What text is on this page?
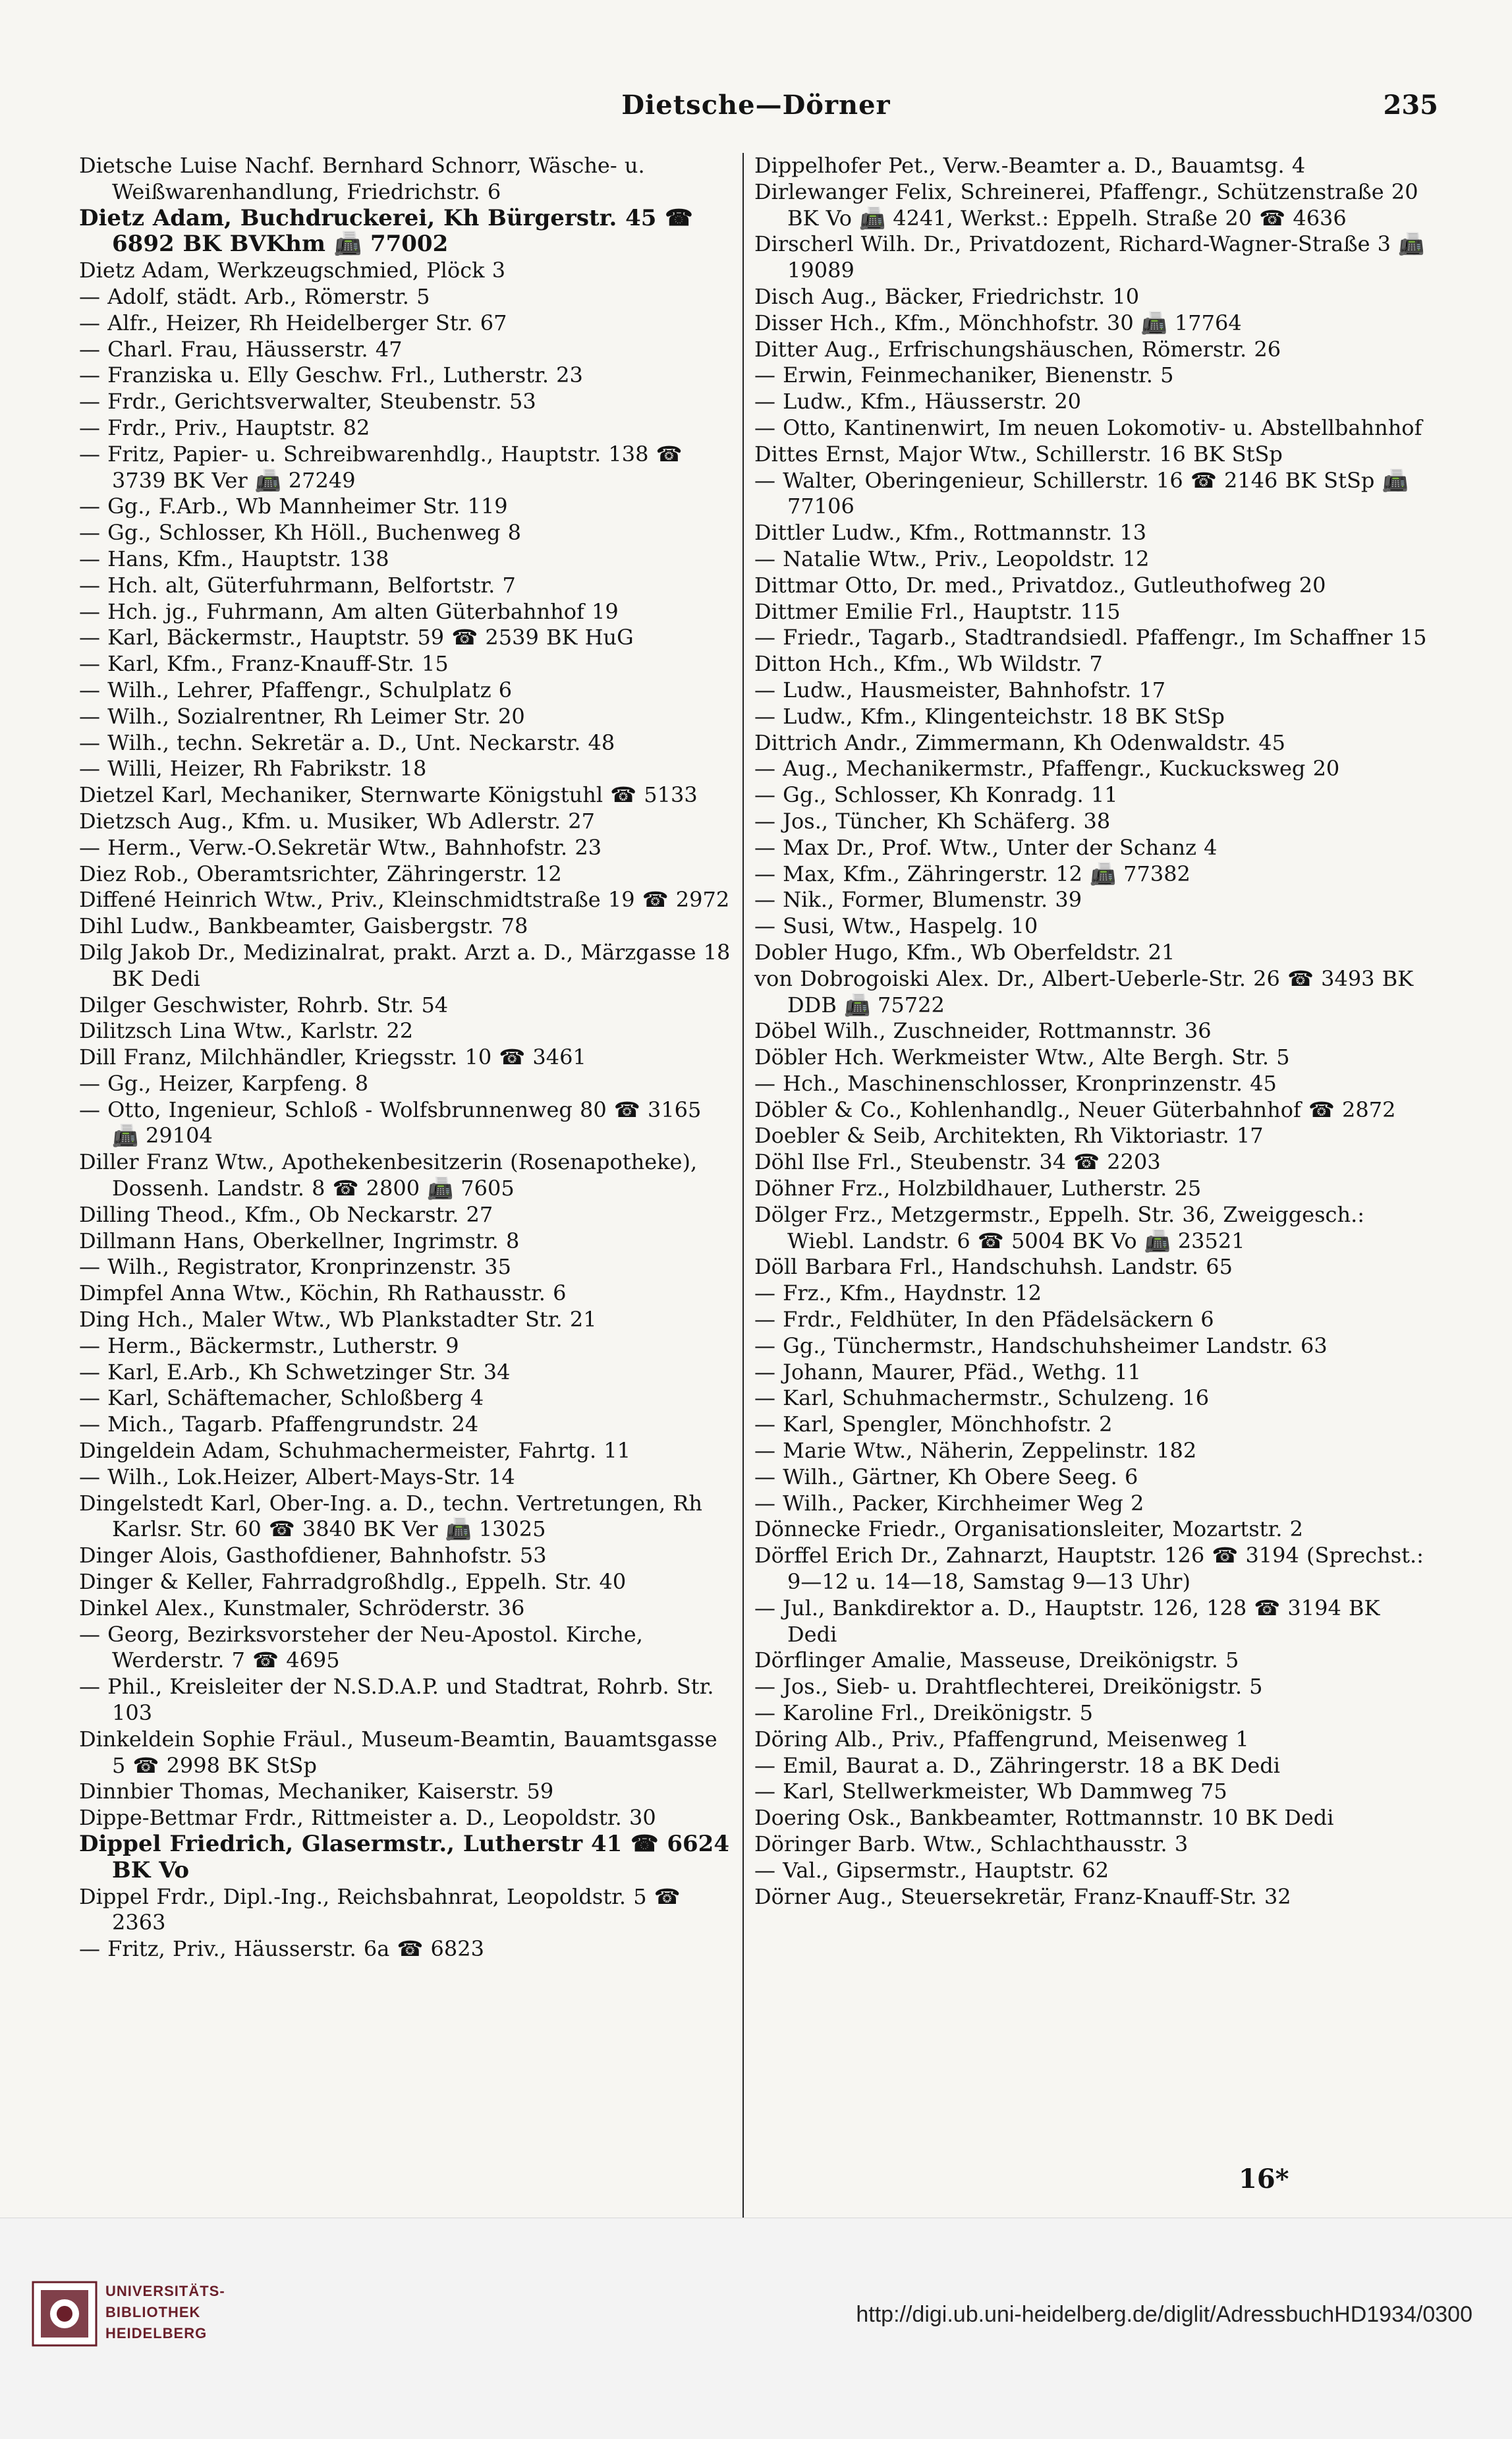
Dietsche—Dörner	235
Dietsche Luise Nachf. Bernhard Schnorr, Wäsche- u. Weißwarenhandlung, Friedrichstr. 6
Dietz Adam, Buchdruckerei, Kh Bürgerstr. 45 ☎ 6892 BK BVKhm 📠 77002
Dietz Adam, Werkzeugschmied, Plöck 3
— Adolf, städt. Arb., Römerstr. 5
— Alfr., Heizer, Rh Heidelberger Str. 67
— Charl. Frau, Häusserstr. 47
— Franziska u. Elly Geschw. Frl., Lutherstr. 23
— Frdr., Gerichtsverwalter, Steubenstr. 53
— Frdr., Priv., Hauptstr. 82
— Fritz, Papier- u. Schreibwarenhdlg., Hauptstr. 138 ☎ 3739 BK Ver 📠 27249
— Gg., F.Arb., Wb Mannheimer Str. 119
— Gg., Schlosser, Kh Höll., Buchenweg 8
— Hans, Kfm., Hauptstr. 138
— Hch. alt, Güterfuhrmann, Belfortstr. 7
— Hch. jg., Fuhrmann, Am alten Güterbahnhof 19
— Karl, Bäckermstr., Hauptstr. 59 ☎ 2539 BK HuG
— Karl, Kfm., Franz-Knauff-Str. 15
— Wilh., Lehrer, Pfaffengr., Schulplatz 6
— Wilh., Sozialrentner, Rh Leimer Str. 20
— Wilh., techn. Sekretär a. D., Unt. Neckarstr. 48
— Willi, Heizer, Rh Fabrikstr. 18
Dietzel Karl, Mechaniker, Sternwarte Königstuhl ☎ 5133
Dietzsch Aug., Kfm. u. Musiker, Wb Adlerstr. 27
— Herm., Verw.-O.Sekretär Wtw., Bahnhofstr. 23
Diez Rob., Oberamtsrichter, Zähringerstr. 12
Diffené Heinrich Wtw., Priv., Kleinschmidtstraße 19 ☎ 2972
Dihl Ludw., Bankbeamter, Gaisbergstr. 78
Dilg Jakob Dr., Medizinalrat, prakt. Arzt a. D., Märzgasse 18 BK Dedi
Dilger Geschwister, Rohrb. Str. 54
Dilitzsch Lina Wtw., Karlstr. 22
Dill Franz, Milchhändler, Kriegsstr. 10 ☎ 3461
— Gg., Heizer, Karpfeng. 8
— Otto, Ingenieur, Schloß - Wolfsbrunnenweg 80 ☎ 3165 📠 29104
Diller Franz Wtw., Apothekenbesitzerin (Rosenapotheke), Dossenh. Landstr. 8 ☎ 2800 📠 7605
Dilling Theod., Kfm., Ob Neckarstr. 27
Dillmann Hans, Oberkellner, Ingrimstr. 8
— Wilh., Registrator, Kronprinzenstr. 35
Dimpfel Anna Wtw., Köchin, Rh Rathausstr. 6
Ding Hch., Maler Wtw., Wb Plankstadter Str. 21
— Herm., Bäckermstr., Lutherstr. 9
— Karl, E.Arb., Kh Schwetzinger Str. 34
— Karl, Schäftemacher, Schloßberg 4
— Mich., Tagarb. Pfaffengrundstr. 24
Dingeldein Adam, Schuhmachermeister, Fahrtg. 11
— Wilh., Lok.Heizer, Albert-Mays-Str. 14
Dingelstedt Karl, Ober-Ing. a. D., techn. Vertretungen, Rh Karlsr. Str. 60 ☎ 3840 BK Ver 📠 13025
Dinger Alois, Gasthofdiener, Bahnhofstr. 53
Dinger & Keller, Fahrradgroßhdlg., Eppelh. Str. 40
Dinkel Alex., Kunstmaler, Schröderstr. 36
— Georg, Bezirksvorsteher der Neu-Apostol. Kirche, Werderstr. 7 ☎ 4695
— Phil., Kreisleiter der N.S.D.A.P. und Stadtrat, Rohrb. Str. 103
Dinkeldein Sophie Fräul., Museum-Beamtin, Bauamtsgasse 5 ☎ 2998 BK StSp
Dinnbier Thomas, Mechaniker, Kaiserstr. 59
Dippe-Bettmar Frdr., Rittmeister a. D., Leopoldstr. 30
Dippel Friedrich, Glasermstr., Lutherstr 41 ☎ 6624 BK Vo
Dippel Frdr., Dipl.-Ing., Reichsbahnrat, Leopoldstr. 5 ☎ 2363
— Fritz, Priv., Häusserstr. 6a ☎ 6823
Dippelhofer Pet., Verw.-Beamter a. D., Bauamtsg. 4
Dirlewanger Felix, Schreinerei, Pfaffengr., Schützenstraße 20 BK Vo 📠 4241, Werkst.: Eppelh. Straße 20 ☎ 4636
Dirscherl Wilh. Dr., Privatdozent, Richard-Wagner-Straße 3 📠 19089
Disch Aug., Bäcker, Friedrichstr. 10
Disser Hch., Kfm., Mönchhofstr. 30 📠 17764
Ditter Aug., Erfrischungshäuschen, Römerstr. 26
— Erwin, Feinmechaniker, Bienenstr. 5
— Ludw., Kfm., Häusserstr. 20
— Otto, Kantinenwirt, Im neuen Lokomotiv- u. Abstellbahnhof
Dittes Ernst, Major Wtw., Schillerstr. 16 BK StSp
— Walter, Oberingenieur, Schillerstr. 16 ☎ 2146 BK StSp 📠 77106
Dittler Ludw., Kfm., Rottmannstr. 13
— Natalie Wtw., Priv., Leopoldstr. 12
Dittmar Otto, Dr. med., Privatdoz., Gutleuthofweg 20
Dittmer Emilie Frl., Hauptstr. 115
— Friedr., Tagarb., Stadtrandsiedl. Pfaffengr., Im Schaffner 15
Ditton Hch., Kfm., Wb Wildstr. 7
— Ludw., Hausmeister, Bahnhofstr. 17
— Ludw., Kfm., Klingenteichstr. 18 BK StSp
Dittrich Andr., Zimmermann, Kh Odenwaldstr. 45
— Aug., Mechanikermstr., Pfaffengr., Kuckucksweg 20
— Gg., Schlosser, Kh Konradg. 11
— Jos., Tüncher, Kh Schäferg. 38
— Max Dr., Prof. Wtw., Unter der Schanz 4
— Max, Kfm., Zähringerstr. 12 📠 77382
— Nik., Former, Blumenstr. 39
— Susi, Wtw., Haspelg. 10
Dobler Hugo, Kfm., Wb Oberfeldstr. 21
von Dobrogoiski Alex. Dr., Albert-Ueberle-Str. 26 ☎ 3493 BK DDB 📠 75722
Döbel Wilh., Zuschneider, Rottmannstr. 36
Döbler Hch. Werkmeister Wtw., Alte Bergh. Str. 5
— Hch., Maschinenschlosser, Kronprinzenstr. 45
Döbler & Co., Kohlenhandlg., Neuer Güterbahnhof ☎ 2872
Doebler & Seib, Architekten, Rh Viktoriastr. 17
Döhl Ilse Frl., Steubenstr. 34 ☎ 2203
Döhner Frz., Holzbildhauer, Lutherstr. 25
Dölger Frz., Metzgermstr., Eppelh. Str. 36, Zweiggesch.: Wiebl. Landstr. 6 ☎ 5004 BK Vo 📠 23521
Döll Barbara Frl., Handschuhsh. Landstr. 65
— Frz., Kfm., Haydnstr. 12
— Frdr., Feldhüter, In den Pfädelsäckern 6
— Gg., Tünchermstr., Handschuhsheimer Landstr. 63
— Johann, Maurer, Pfäd., Wethg. 11
— Karl, Schuhmachermstr., Schulzeng. 16
— Karl, Spengler, Mönchhofstr. 2
— Marie Wtw., Näherin, Zeppelinstr. 182
— Wilh., Gärtner, Kh Obere Seeg. 6
— Wilh., Packer, Kirchheimer Weg 2
Dönnecke Friedr., Organisationsleiter, Mozartstr. 2
Dörffel Erich Dr., Zahnarzt, Hauptstr. 126 ☎ 3194 (Sprechst.: 9—12 u. 14—18, Samstag 9—13 Uhr)
— Jul., Bankdirektor a. D., Hauptstr. 126, 128 ☎ 3194 BK Dedi
Dörflinger Amalie, Masseuse, Dreikönigstr. 5
— Jos., Sieb- u. Drahtflechterei, Dreikönigstr. 5
— Karoline Frl., Dreikönigstr. 5
Döring Alb., Priv., Pfaffengrund, Meisenweg 1
— Emil, Baurat a. D., Zähringerstr. 18 a BK Dedi
— Karl, Stellwerkmeister, Wb Dammweg 75
Doering Osk., Bankbeamter, Rottmannstr. 10 BK Dedi
Döringer Barb. Wtw., Schlachthausstr. 3
— Val., Gipsermstr., Hauptstr. 62
Dörner Aug., Steuersekretär, Franz-Knauff-Str. 32
16*
UNIVERSITÄTS-
BIBLIOTHEK
HEIDELBERG
http://digi.ub.uni-heidelberg.de/diglit/AdressbuchHD1934/0300
